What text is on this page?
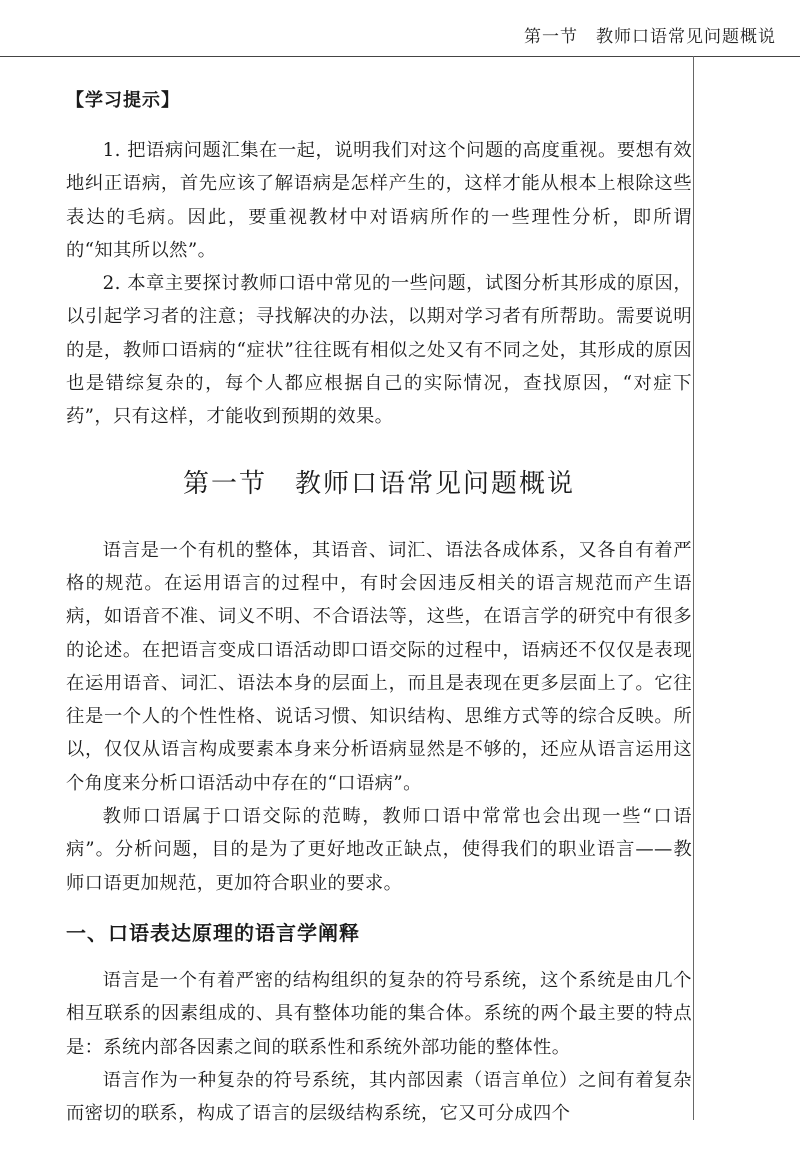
第一节　教师口语常见问题概说
【学习提示】

1. 把语病问题汇集在一起，说明我们对这个问题的高度重视。要想有效地纠正语病，首先应该了解语病是怎样产生的，这样才能从根本上根除这些表达的毛病。因此，要重视教材中对语病所作的一些理性分析，即所谓的“知其所以然”。

2. 本章主要探讨教师口语中常见的一些问题，试图分析其形成的原因，以引起学习者的注意；寻找解决的办法，以期对学习者有所帮助。需要说明的是，教师口语病的“症状”往往既有相似之处又有不同之处，其形成的原因也是错综复杂的，每个人都应根据自己的实际情况，查找原因，“对症下药”，只有这样，才能收到预期的效果。

第一节　教师口语常见问题概说

语言是一个有机的整体，其语音、词汇、语法各成体系，又各自有着严格的规范。在运用语言的过程中，有时会因违反相关的语言规范而产生语病，如语音不准、词义不明、不合语法等，这些，在语言学的研究中有很多的论述。在把语言变成口语活动即口语交际的过程中，语病还不仅仅是表现在运用语音、词汇、语法本身的层面上，而且是表现在更多层面上了。它往往是一个人的个性性格、说话习惯、知识结构、思维方式等的综合反映。所以，仅仅从语言构成要素本身来分析语病显然是不够的，还应从语言运用这个角度来分析口语活动中存在的“口语病”。

教师口语属于口语交际的范畴，教师口语中常常也会出现一些“口语病”。分析问题，目的是为了更好地改正缺点，使得我们的职业语言——教师口语更加规范，更加符合职业的要求。

一、口语表达原理的语言学阐释

语言是一个有着严密的结构组织的复杂的符号系统，这个系统是由几个相互联系的因素组成的、具有整体功能的集合体。系统的两个最主要的特点是：系统内部各因素之间的联系性和系统外部功能的整体性。

语言作为一种复杂的符号系统，其内部因素（语言单位）之间有着复杂而密切的联系，构成了语言的层级结构系统，它又可分成四个
